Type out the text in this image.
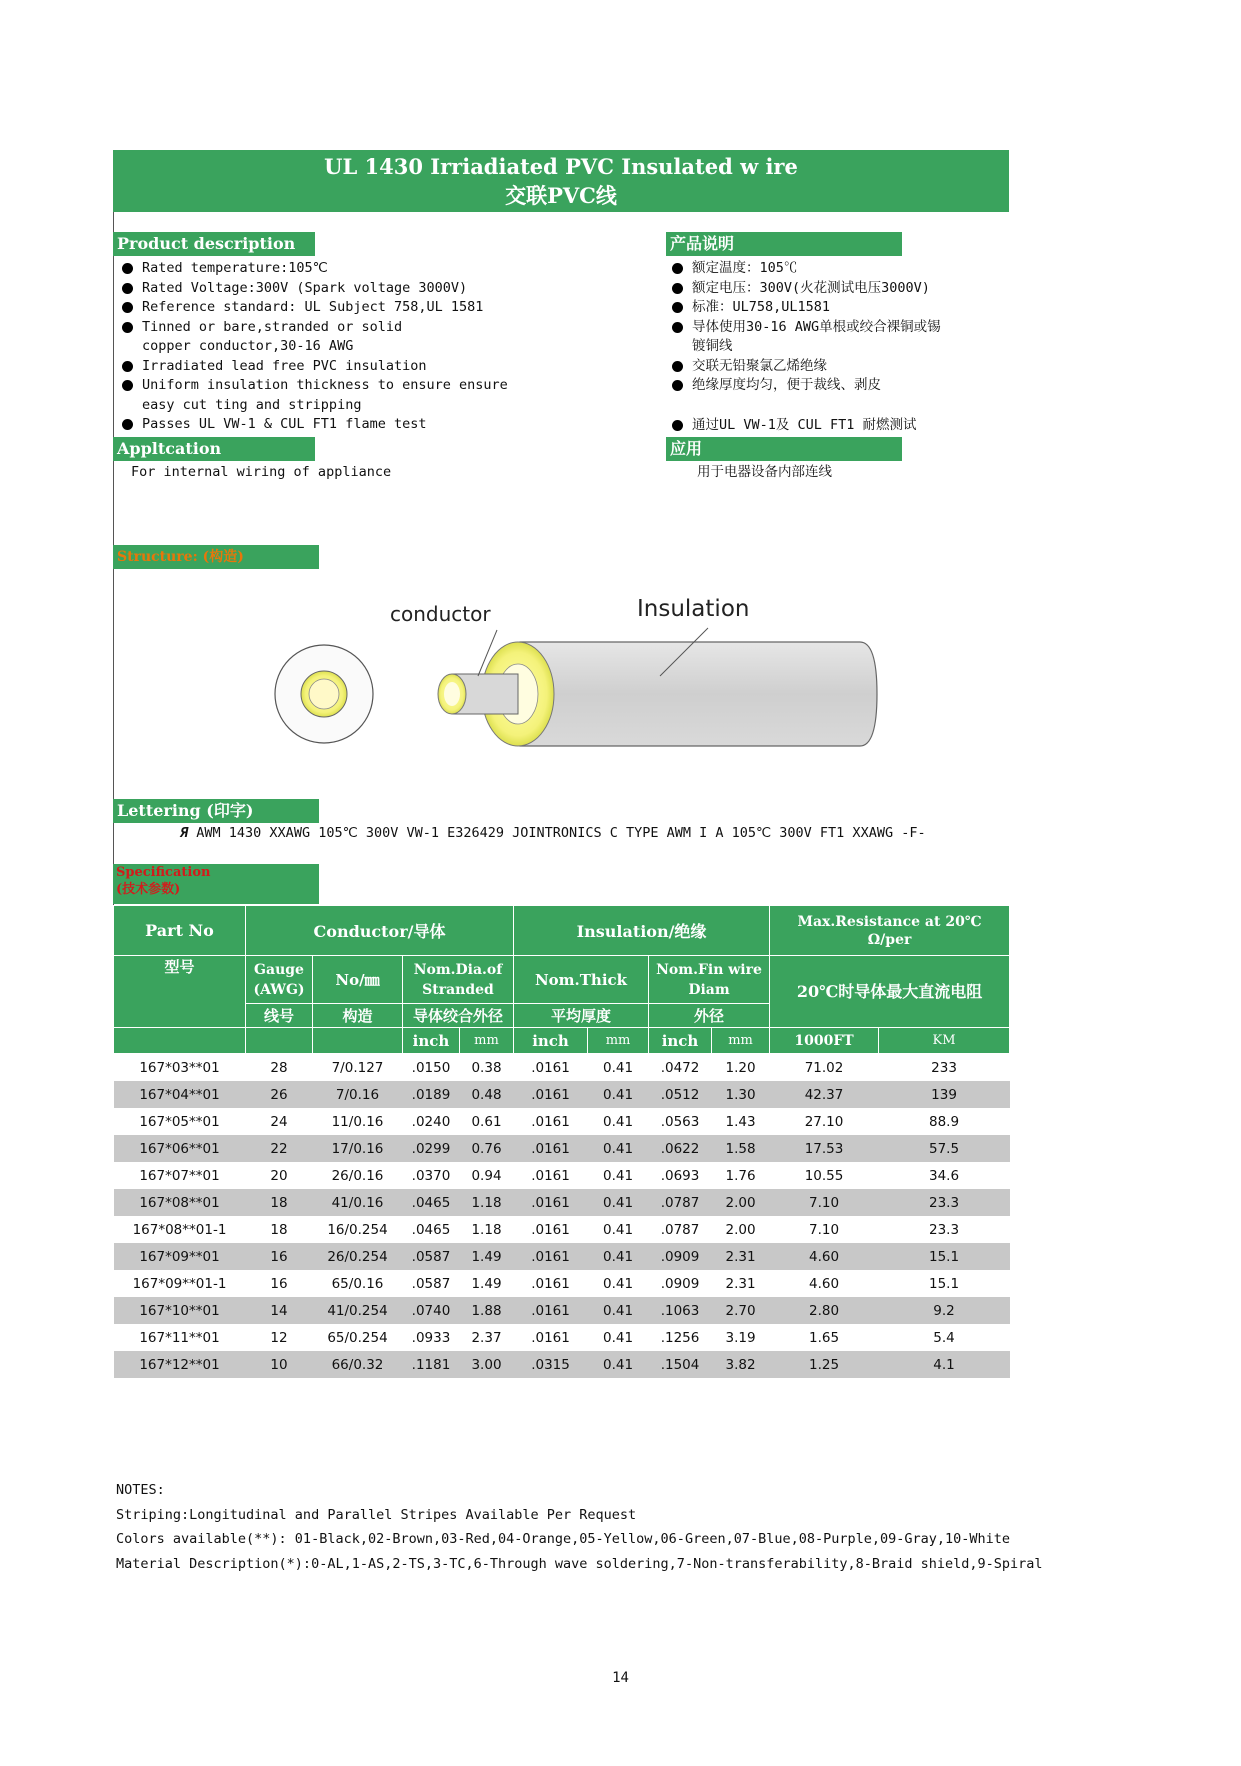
UL 1430 Irriadiated PVC Insulated w ire
交联PVC线
Product description
Rated temperature:105℃
Rated Voltage:300V (Spark voltage 3000V)
Reference standard: UL Subject 758,UL 1581
Tinned or bare,stranded or solid copper conductor,30-16 AWG
Irradiated lead free PVC insulation
Uniform insulation thickness to ensure ensure easy cut ting and stripping
Passes UL VW-1 & CUL FT1 flame test
产品说明
额定温度：105℃
额定电压：300V(火花测试电压3000V)
标准：UL758,UL1581
导体使用30-16 AWG单根或绞合裸铜或锡镀铜线
交联无铅聚氯乙烯绝缘
绝缘厚度均匀，便于裁线、剥皮
通过UL VW-1及 CUL FT1 耐燃测试
Appltcation
For internal wiring of appliance
应用
用于电器设备内部连线
Structure: (构造)
conductor	Insulation
Lettering (印字)
Я AWM 1430 XXAWG 105℃ 300V VW-1 E326429 JOINTRONICS C TYPE AWM I A 105℃ 300V FT1 XXAWG -F-
Specification
(技术参数)
Part No	Conductor/导体				Insulation/绝缘				Max.Resistance at 20℃ Ω/per	
型号	Gauge (AWG)	No/㎜	Nom.Dia.of Stranded		Nom.Thick		Nom.Fin wire Diam		20℃时导体最大直流电阻	
	线号	构造	导体绞合外径		平均厚度		外径			
			inch	mm	inch	mm	inch	mm	1000FT	KM
167*03**01	28	7/0.127	.0150	0.38	.0161	0.41	.0472	1.20	71.02	233
167*04**01	26	7/0.16	.0189	0.48	.0161	0.41	.0512	1.30	42.37	139
167*05**01	24	11/0.16	.0240	0.61	.0161	0.41	.0563	1.43	27.10	88.9
167*06**01	22	17/0.16	.0299	0.76	.0161	0.41	.0622	1.58	17.53	57.5
167*07**01	20	26/0.16	.0370	0.94	.0161	0.41	.0693	1.76	10.55	34.6
167*08**01	18	41/0.16	.0465	1.18	.0161	0.41	.0787	2.00	7.10	23.3
167*08**01-1	18	16/0.254	.0465	1.18	.0161	0.41	.0787	2.00	7.10	23.3
167*09**01	16	26/0.254	.0587	1.49	.0161	0.41	.0909	2.31	4.60	15.1
167*09**01-1	16	65/0.16	.0587	1.49	.0161	0.41	.0909	2.31	4.60	15.1
167*10**01	14	41/0.254	.0740	1.88	.0161	0.41	.1063	2.70	2.80	9.2
167*11**01	12	65/0.254	.0933	2.37	.0161	0.41	.1256	3.19	1.65	5.4
167*12**01	10	66/0.32	.1181	3.00	.0315	0.41	.1504	3.82	1.25	4.1
NOTES:
Striping:Longitudinal and Parallel Stripes Available Per Request
Colors available(**): 01-Black,02-Brown,03-Red,04-Orange,05-Yellow,06-Green,07-Blue,08-Purple,09-Gray,10-White
Material Description(*):0-AL,1-AS,2-TS,3-TC,6-Through wave soldering,7-Non-transferability,8-Braid shield,9-Spiral
14
